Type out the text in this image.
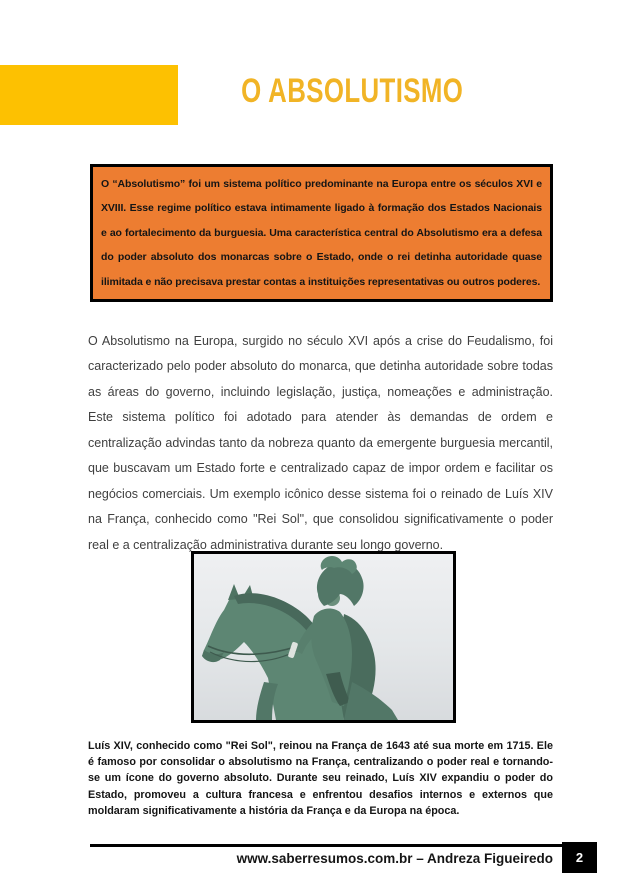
O ABSOLUTISMO
O “Absolutismo” foi um sistema político predominante na Europa entre os séculos XVI e XVIII. Esse regime político estava intimamente ligado à formação dos Estados Nacionais e ao fortalecimento da burguesia. Uma característica central do Absolutismo era a defesa do poder absoluto dos monarcas sobre o Estado, onde o rei detinha autoridade quase ilimitada e não precisava prestar contas a instituições representativas ou outros poderes.

O Absolutismo na Europa, surgido no século XVI após a crise do Feudalismo, foi caracterizado pelo poder absoluto do monarca, que detinha autoridade sobre todas as áreas do governo, incluindo legislação, justiça, nomeações e administração. Este sistema político foi adotado para atender às demandas de ordem e centralização advindas tanto da nobreza quanto da emergente burguesia mercantil, que buscavam um Estado forte e centralizado capaz de impor ordem e facilitar os negócios comerciais. Um exemplo icônico desse sistema foi o reinado de Luís XIV na França, conhecido como "Rei Sol", que consolidou significativamente o poder real e a centralização administrativa durante seu longo governo.

Luís XIV, conhecido como "Rei Sol", reinou na França de 1643 até sua morte em 1715. Ele é famoso por consolidar o absolutismo na França, centralizando o poder real e tornando-se um ícone do governo absoluto. Durante seu reinado, Luís XIV expandiu o poder do Estado, promoveu a cultura francesa e enfrentou desafios internos e externos que moldaram significativamente a história da França e da Europa na época.

www.saberresumos.com.br – Andreza Figueiredo 2
